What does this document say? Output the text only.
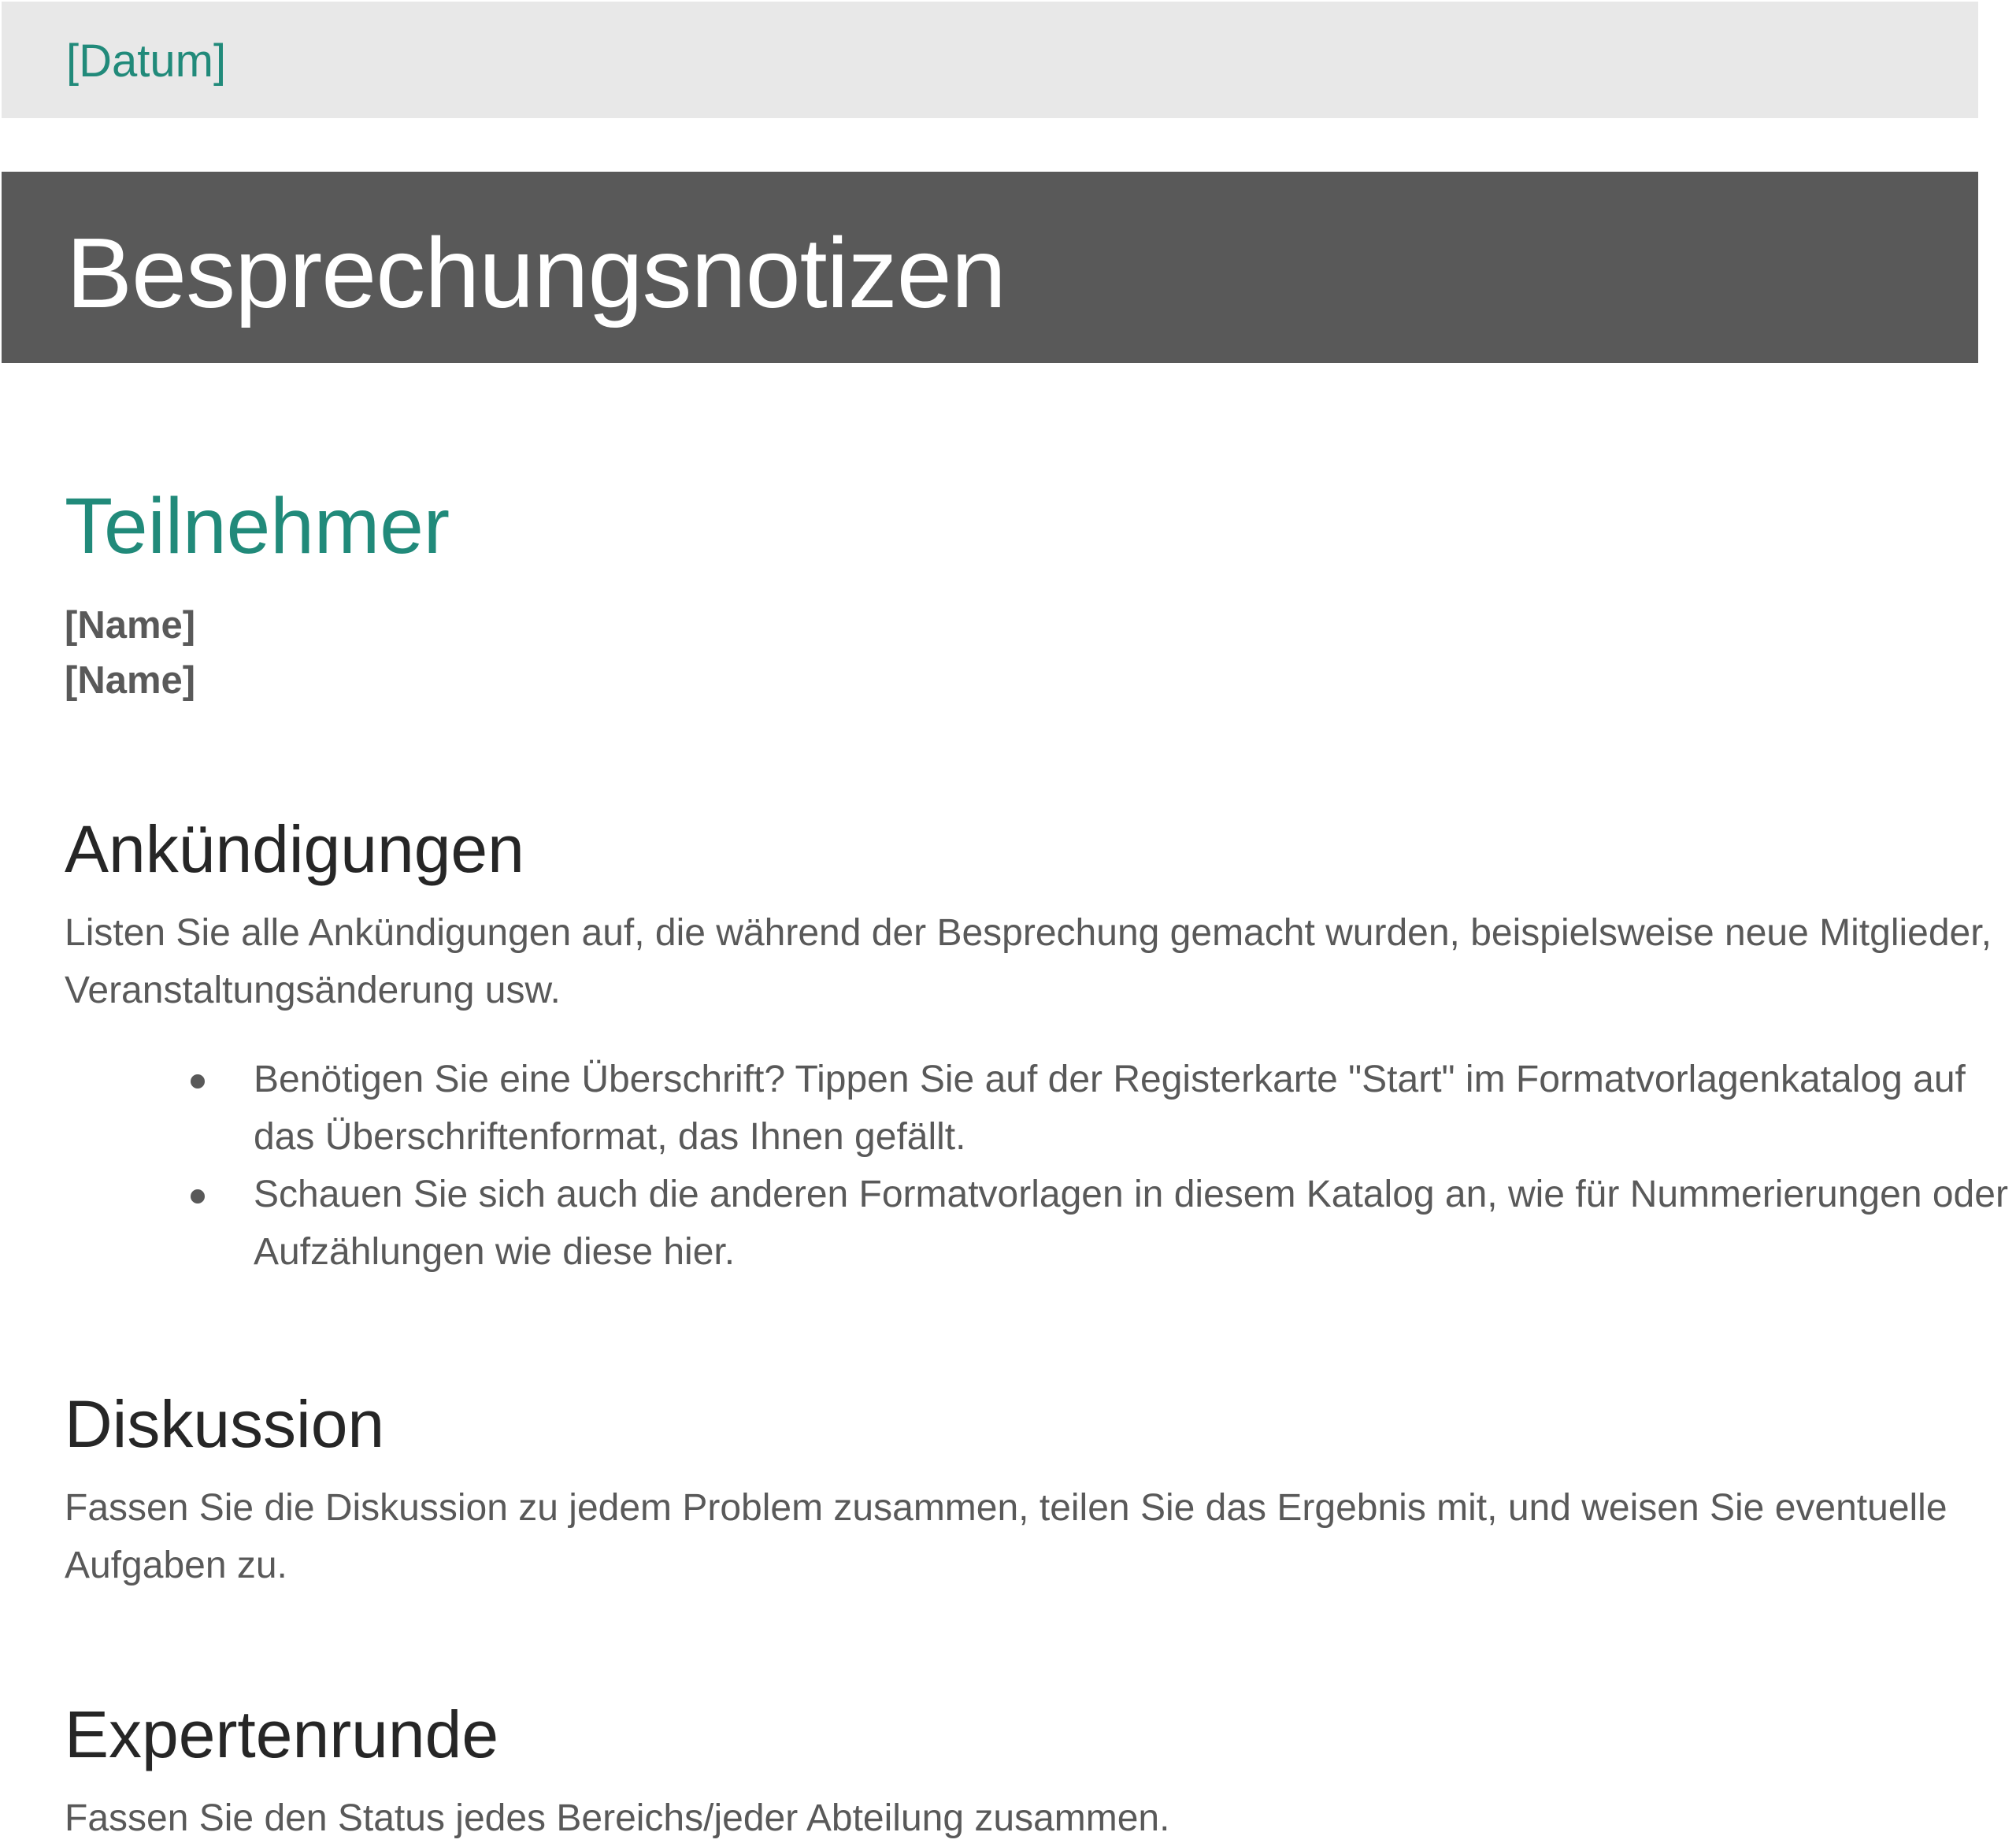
[Datum]
Besprechungsnotizen
Teilnehmer
[Name]
[Name]
Ankündigungen

Listen Sie alle Ankündigungen auf, die während der Besprechung gemacht wurden, beispielsweise neue Mitglieder, Veranstaltungsänderung usw.

Benötigen Sie eine Überschrift? Tippen Sie auf der Registerkarte "Start" im Formatvorlagenkatalog auf das Überschriftenformat, das Ihnen gefällt.
Schauen Sie sich auch die anderen Formatvorlagen in diesem Katalog an, wie für Nummerierungen oder Aufzählungen wie diese hier.
Diskussion

Fassen Sie die Diskussion zu jedem Problem zusammen, teilen Sie das Ergebnis mit, und weisen Sie eventuelle Aufgaben zu.

Expertenrunde

Fassen Sie den Status jedes Bereichs/jeder Abteilung zusammen.
